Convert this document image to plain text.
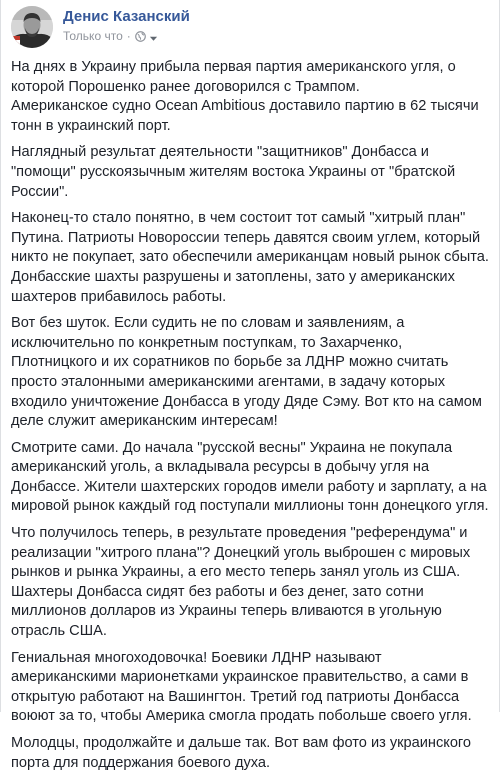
Денис Казанский
Только что ·

На днях в Украину прибыла первая партия американского угля, о которой Порошенко ранее договорился с Трампом.
Американское судно Ocean Ambitious доставило партию в 62 тысячи тонн в украинский порт.

Наглядный результат деятельности "защитников" Донбасса и "помощи" русскоязычным жителям востока Украины от "братской России".

Наконец-то стало понятно, в чем состоит тот самый "хитрый план" Путина. Патриоты Новороссии теперь давятся своим углем, который никто не покупает, зато обеспечили американцам новый рынок сбыта. Донбасские шахты разрушены и затоплены, зато у американских шахтеров прибавилось работы.

Вот без шуток. Если судить не по словам и заявлениям, а исключительно по конкретным поступкам, то Захарченко, Плотницкого и их соратников по борьбе за ЛДНР можно считать просто эталонными американскими агентами, в задачу которых входило уничтожение Донбасса в угоду Дяде Сэму. Вот кто на самом деле служит американским интересам!

Смотрите сами. До начала "русской весны" Украина не покупала американский уголь, а вкладывала ресурсы в добычу угля на Донбассе. Жители шахтерских городов имели работу и зарплату, а на мировой рынок каждый год поступали миллионы тонн донецкого угля.

Что получилось теперь, в результате проведения "референдума" и реализации "хитрого плана"? Донецкий уголь выброшен с мировых рынков и рынка Украины, а его место теперь занял уголь из США. Шахтеры Донбасса сидят без работы и без денег, зато сотни миллионов долларов из Украины теперь вливаются в угольную отрасль США.

Гениальная многоходовочка! Боевики ЛДНР называют американскими марионетками украинское правительство, а сами в открытую работают на Вашингтон. Третий год патриоты Донбасса воюют за то, чтобы Америка смогла продать побольше своего угля.

Молодцы, продолжайте и дальше так. Вот вам фото из украинского порта для поддержания боевого духа.
